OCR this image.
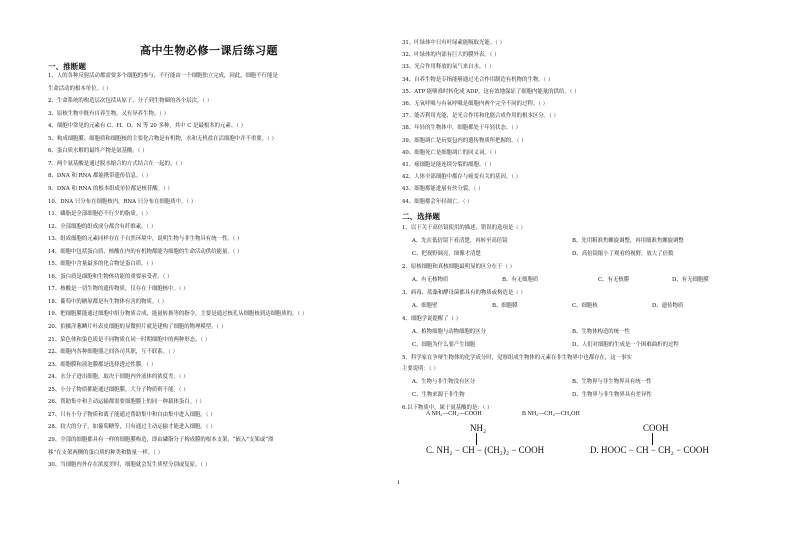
高中生物必修一课后练习题
一、推断题
1、人的各种反射活动都需要多个细胞的参与，不行能由一个细胞独立完成，因此，细胞不行能是
生命活动的根本单位。（ ）
2、生命系统的构造层次包括从原子、分子到生物圈的各个层次。（ ）
3、原核生物中既有自养生物，又有异养生物。（ ）
4、细胞中常见的元素有 C、H、O、N 等 20 多种，其中 C 是最根本的元素。（ ）
5、构成细胞膜、细胞质和细胞核的主要化合物是有机物，水和无机盐在活细胞中并不重要。（ ）
6、蛋白质水解的最终产物是氨基酸。（ ）
7、两个氨基酸是通过脱水缩合的方式结合在一起的。（ ）
8、DNA 和 RNA 都能携带遗传信息。（ ）
9、DNA 和 RNA 的根本组成单位都是核苷酸。（ ）
10、DNA 只分布在细胞核内，RNA 只分布在细胞质中。（ ）
11、磷脂是全部细胞必不行少的脂质。（ ）
12、全部细胞的组成成分都含有纤维素。（ ）
13、组成细胞的元素同样存在于自然环境中，说明生物与非生物具有统一性。（ ）
14、细胞中包括蛋白质、核酸在内的有机物都能为细胞的生命活动供给能量。（ ）
15、细胞中含量最多的化合物是蛋白质。（ ）
16、蛋白质是细胞和生物体功能的重要承受者。（ ）
17、核酸是一切生物的遗传物质，仅存在于细胞核中。（ ）
18、葡萄中的糖原都是有生物体有害的物质。（ ）
19、把细胞膜能通过细胞中组分物质合成，能量转换等的指令，主要是通过核孔从细胞核到达细胞质的。（ ）
20、拍摄洋葱鳞片叶表皮细胞的显微照片就是建构了细胞的物理模型。（ ）
21、染色体和染色质是不同物质在同一时期细胞中的两种形态。（ ）
22、细胞内各种细胞器之间各司其职，互不联系。（ ）
23、细胞膜和液泡膜都是选择透过性膜。（ ）
24、水分子进出细胞，取决于细胞内外液体的浓度差。（ ）
25、小分子物质都能通过细胞膜，大分子物质则不能。（ ）
26、帮助集中和主动运输都需要细胞膜上的同一种载体蛋白。（ ）
27、只有小分子物质和离子能通过帮助集中和自由集中进入细胞。（ ）
28、较大的分子，如葡萄糖等，只有通过主动运输才能进入细胞。（ ）
29、全部的细胞都具有一样的细胞膜构造，即由磷脂分子构成膜的根本支架，“嵌入”支架或“漂
移”在支架两侧的蛋白质的种类和数量一样。（ ）
30、当细胞内外存在浓度差时，细胞就会发生质壁分别或复原。（ ）
31、叶绿体中只有叶绿素能吸取光能。（ ）
32、叶绿体的内部有巨大的膜外表。（ ）
33、光合作用释放的氧气来自水。（ ）
34、自养生物是专指能够通过光合作用制造有机物的生物。（ ）
35、ATP 能够准时转化成 ADP，这有效地保证了细胞内能量的供给。（ ）
36、无氧呼吸与有氧呼吸是细胞内两个完全不同的过程。（ ）
37、能否利用光能，是光合作用和化能合成作用的根本区分。（ ）
38、年轻的生物体中，细胞都处于年轻状态。（ ）
39、细胞凋亡是玩耍包内的遗传物质所把握的。（ ）
40、细胞死亡是细胞凋亡的同义词。（ ）
41、癌细胞是能连续分裂的细胞。（ ）
42、人体全部细胞中都存与癌变有关的基因。（ ）
43、细胞都能进展有丝分裂。（ ）
44、细胞都会年轻凋亡。（ ）
二、选择题
1、以下关于高倍镜使用的描述，错误的选项是（ ）
A、先在低倍镜下看清楚，再转至高倍镜	B、先用粗准焦螺旋调整，再用细准焦螺旋调整
C、把视野调亮，图像才清楚	D、高倍镜缩小了观看的视野，放大了倍数
2、原核细胞和真核细胞最明显的区分在于（ ）
A、有无核物质	B、有无细胞质	C、有无核膜	D、有无细胞膜
3、病毒、蓝藻和酵母菌都具有的物质或构造是（ ）
A、细胞壁	B、细胞膜	C、细胞核	D、遗传物质
4、细胞学说提醒了（ ）
A、植物细胞与动物细胞的区分	B、生物体构造的统一性
C、细胞为什么要产生细胞	D、人们对细胞的生成是一个困难曲折的过程
5、科学家在争辩生物体的化学成分时，觉察组成生物体的元素在非生物界中也都存在，这一事实
主要说明：（ ）
A、生物与非生物没有区分	B、生物界与非生物界具有统一性
C、生物来源于非生物	D、生物界与非生物界具有差异性
6.以下物质中，属于氨基酸的是：（ ）
A NH₂—CH₂—COOH	B NH₂—CH₂—CH₂OH
NH₂
C. NH₂ − CH − (CH₂)₂ − COOH
COOH
D. HOOC − CH − CH₂ − COOH
1
